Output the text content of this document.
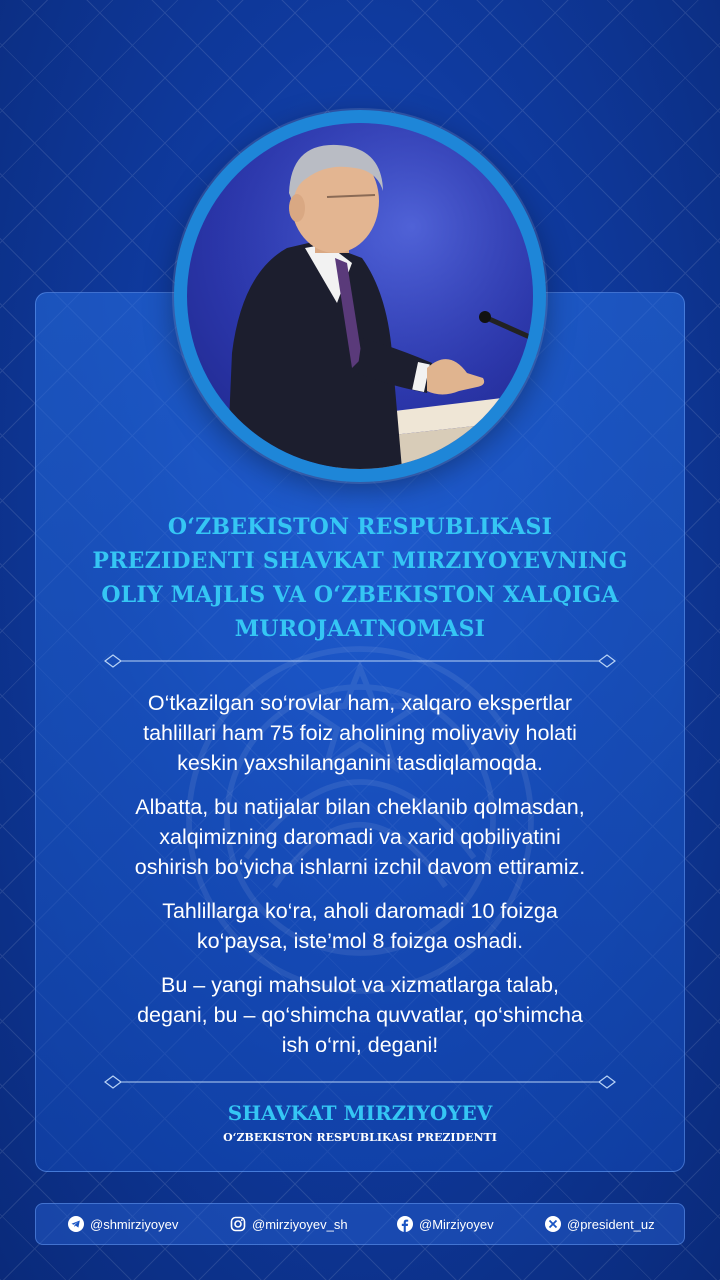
O‘ZBEKISTON RESPUBLIKASI
PREZIDENTI SHAVKAT MIRZIYOYEVNING
OLIY MAJLIS VA O‘ZBEKISTON XALQIGA
MUROJAATNOMASI

O‘tkazilgan so‘rovlar ham, xalqaro ekspertlar
tahlillari ham 75 foiz aholining moliyaviy holati
keskin yaxshilanganini tasdiqlamoqda.

Albatta, bu natijalar bilan cheklanib qolmasdan,
xalqimizning daromadi va xarid qobiliyatini
oshirish bo‘yicha ishlarni izchil davom ettiramiz.

Tahlillarga ko‘ra, aholi daromadi 10 foizga
ko‘paysa, iste’mol 8 foizga oshadi.

Bu – yangi mahsulot va xizmatlarga talab,
degani, bu – qo‘shimcha quvvatlar, qo‘shimcha
ish o‘rni, degani!

SHAVKAT MIRZIYOYEV
O‘ZBEKISTON RESPUBLIKASI PREZIDENTI
@shmirziyoyev	@mirziyoyev_sh	@Mirziyoyev	@president_uz
